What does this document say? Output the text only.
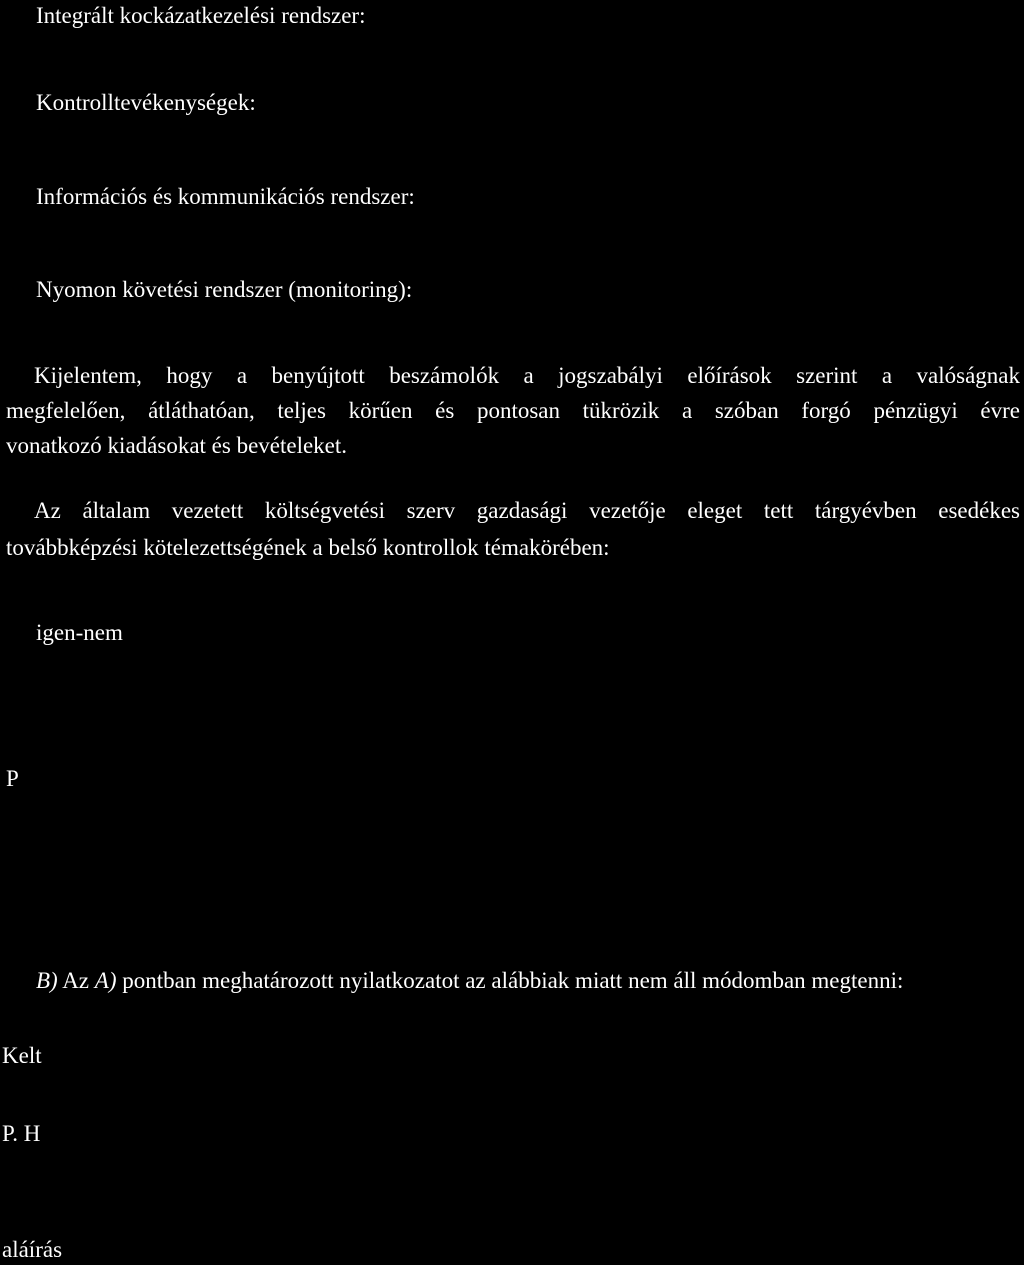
Integrált kockázatkezelési rendszer:

Kontrolltevékenységek:

Információs és kommunikációs rendszer:

Nyomon követési rendszer (monitoring):

Kijelentem, hogy a benyújtott beszámolók a jogszabályi előírások szerint a valóságnak
megfelelően, átláthatóan, teljes körűen és pontosan tükrözik a szóban forgó pénzügyi évre
vonatkozó kiadásokat és bevételeket.
Az általam vezetett költségvetési szerv gazdasági vezetője eleget tett tárgyévben esedékes
továbbképzési kötelezettségének a belső kontrollok témakörében:

igen-nem

P

B) Az A) pontban meghatározott nyilatkozatot az alábbiak miatt nem áll módomban megtenni:

Kelt

P. H

aláírás
